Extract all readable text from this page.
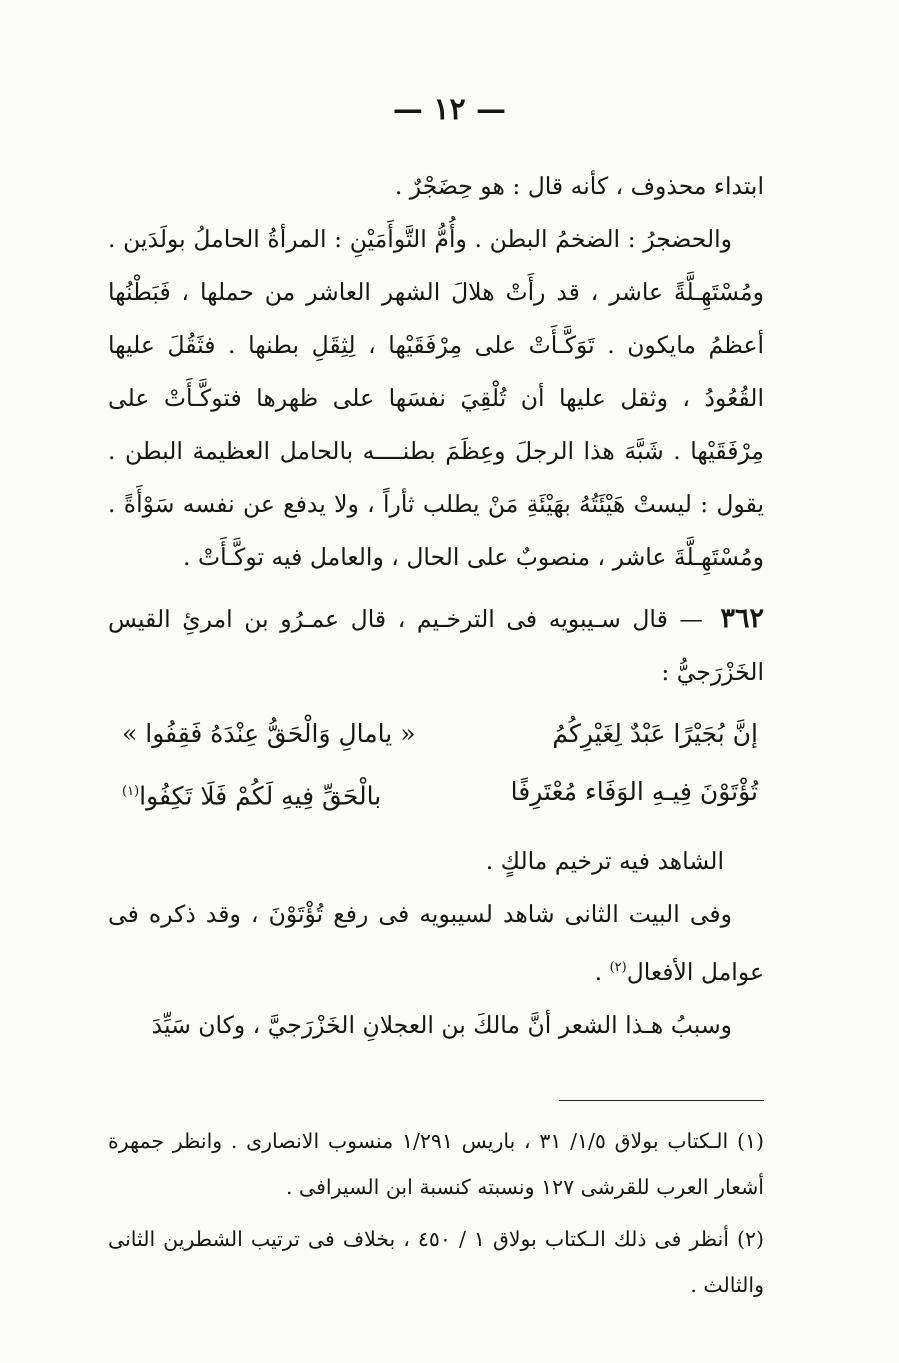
— ١٢ —

ابتداء محذوف ، كأنه قال : هو حِضَجْرٌ .

والحضجرُ : الضخمُ البطن . وأُمُّ التَّوأَمَيْنِ : المرأةُ الحاملُ بولَدَين . ومُسْتَهِـلَّةً عاشر ، قد رأَتْ هلالَ الشهر العاشر من حملها ، فَبَطْنُها أعظمُ مايكون . تَوَكَّـأَتْ على مِرْفَقَيْها ، لِثِقَلِ بطنها . فثَقُلَ عليها القُعُودُ ، وثقل عليها أن تُلْقِيَ نفسَها على ظهرها فتوكَّـأَتْ على مِرْفَقَيْها . شَبَّهَ هذا الرجلَ وعِظَمَ بطنــــه بالحامل العظيمة البطن . يقول : ليستْ هَيْئَتُهُ بهَيْئَةِ مَنْ يطلب ثأراً ، ولا يدفع عن نفسه سَوْأَةً . ومُسْتَهِـلَّةَ عاشر ، منصوبٌ على الحال ، والعامل فيه توكَّـأَتْ .

٣٦٢ — قال سـيبويه فى الترخـيم ، قال عمـرُو بن امرئِ القيس الخَزْرَجيُّ :

إنَّ بُجَيْرًا عَبْدٌ لِغَيْرِكُمُ
« يامالِ وَالْحَقُّ عِنْدَهُ فَقِفُوا »
تُؤْتَوْنَ فِيـهِ الوَفَاء مُعْتَرِفًا
بالْحَقِّ فِيهِ لَكُمْ فَلَا تَكِفُوا$^{(١)}$

الشاهد فيه ترخيم مالكٍ .

وفى البيت الثانى شاهد لسيبويه فى رفع تُؤْتَوْنَ ، وقد ذكره فى عوامل الأفعال$^{(٢)}$ .

وسببُ هـذا الشعر أنَّ مالكَ بن العجلانِ الخَزْرَجيَّ ، وكان سَيِّدَ

(١) الـكتاب بولاق ١/٥/ ٣١ ، باريس ١/٢٩١ منسوب الانصارى . وانظر جمهرة أشعار العرب للقرشى ١٢٧ ونسبته كنسبة ابن السيرافى .

(٢) أنظر فى ذلك الـكتاب بولاق ١ / ٤٥٠ ، بخلاف فى ترتيب الشطرين الثانى والثالث .
